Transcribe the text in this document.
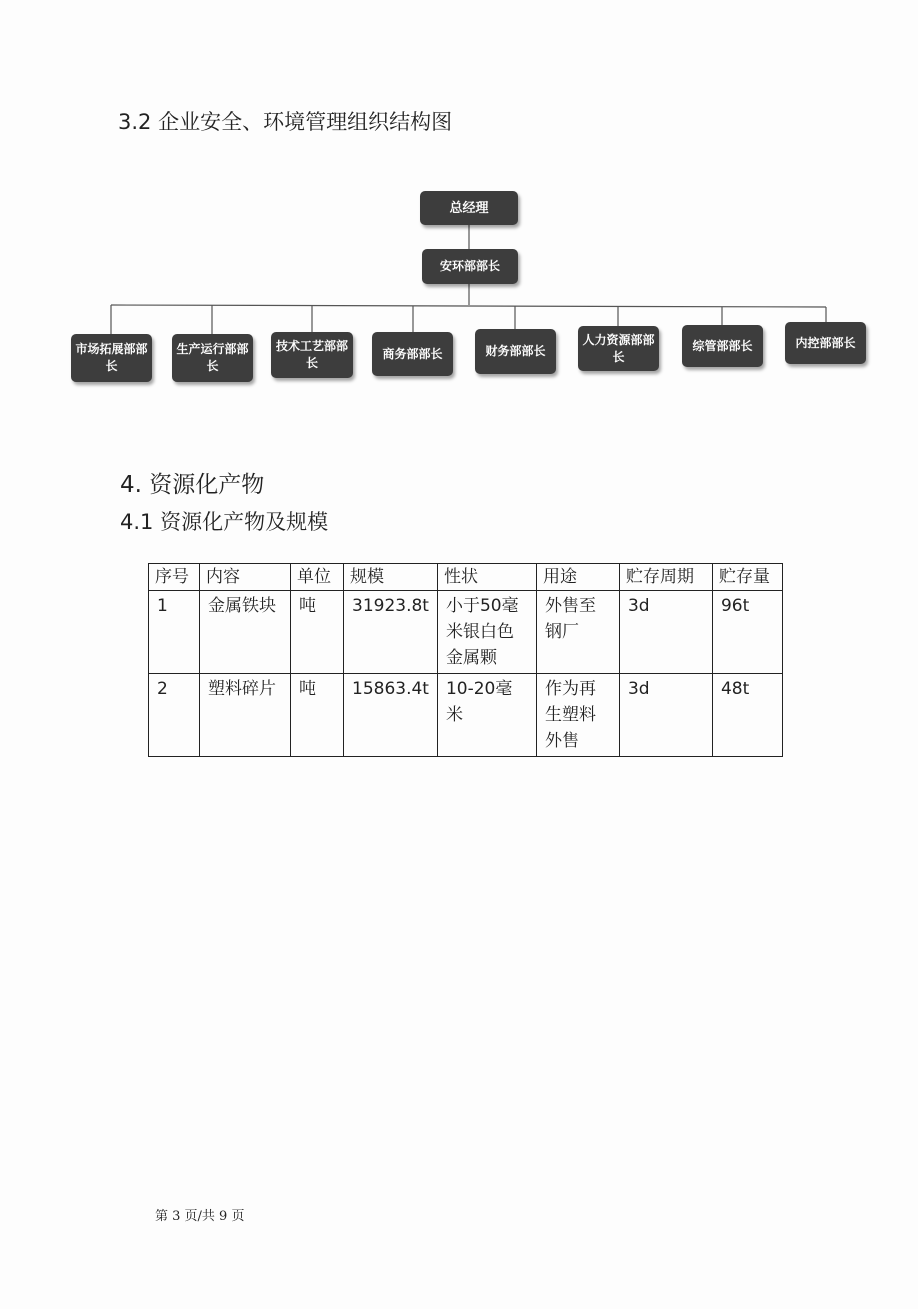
3.2 企业安全、环境管理组织结构图
总经理
安环部部长
市场拓展部部长
生产运行部部长
技术工艺部部长
商务部部长	财务部部长
人力资源部部长
综管部部长	内控部部长
4. 资源化产物
4.1 资源化产物及规模
序号	内容	单位	规模	性状	用途	贮存周期	贮存量
1	金属铁块	吨	31923.8t	小于50毫米银白色金属颗	外售至钢厂	3d	96t
2	塑料碎片	吨	15863.4t	10-20毫米	作为再生塑料外售	3d	48t
第 3 页/共 9 页
